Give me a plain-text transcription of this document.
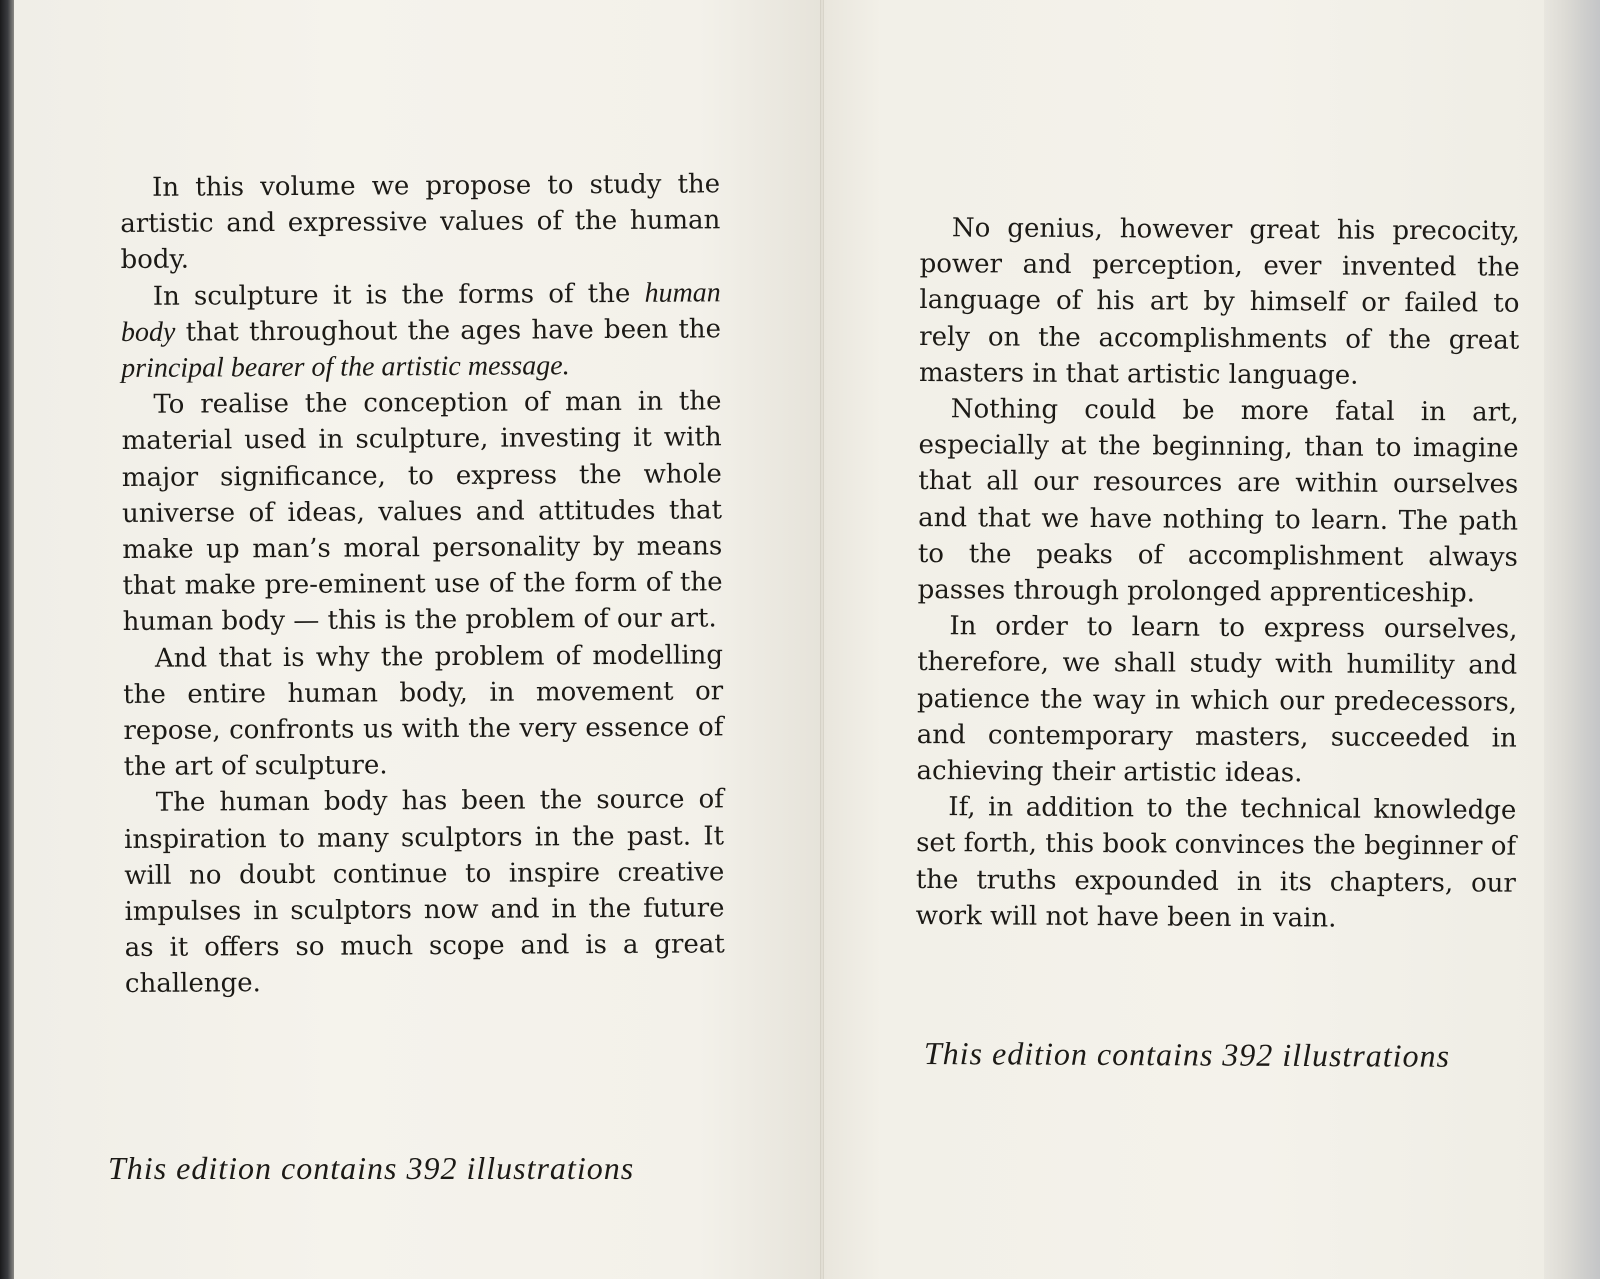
In this volume we propose to study the artistic and expressive values of the human body.

In sculpture it is the forms of the human body that throughout the ages have been the principal bearer of the artistic message.

To realise the conception of man in the material used in sculpture, investing it with major significance, to express the whole universe of ideas, values and attitudes that make up man’s moral personality by means that make pre-eminent use of the form of the human body — this is the problem of our art.

And that is why the problem of modelling the entire human body, in movement or repose, confronts us with the very essence of the art of sculpture.

The human body has been the source of inspiration to many sculptors in the past. It will no doubt continue to inspire creative impulses in sculptors now and in the future as it offers so much scope and is a great challenge.

This edition contains 392 illustrations

No genius, however great his precocity, power and perception, ever invented the language of his art by himself or failed to rely on the accomplishments of the great masters in that artistic language.

Nothing could be more fatal in art, especially at the beginning, than to imagine that all our resources are within ourselves and that we have nothing to learn. The path to the peaks of accomplishment always passes through prolonged apprenticeship.

In order to learn to express ourselves, therefore, we shall study with humility and patience the way in which our predecessors, and contemporary masters, succeeded in achieving their artistic ideas.

If, in addition to the technical knowledge set forth, this book convinces the beginner of the truths expounded in its chapters, our work will not have been in vain.

This edition contains 392 illustrations
